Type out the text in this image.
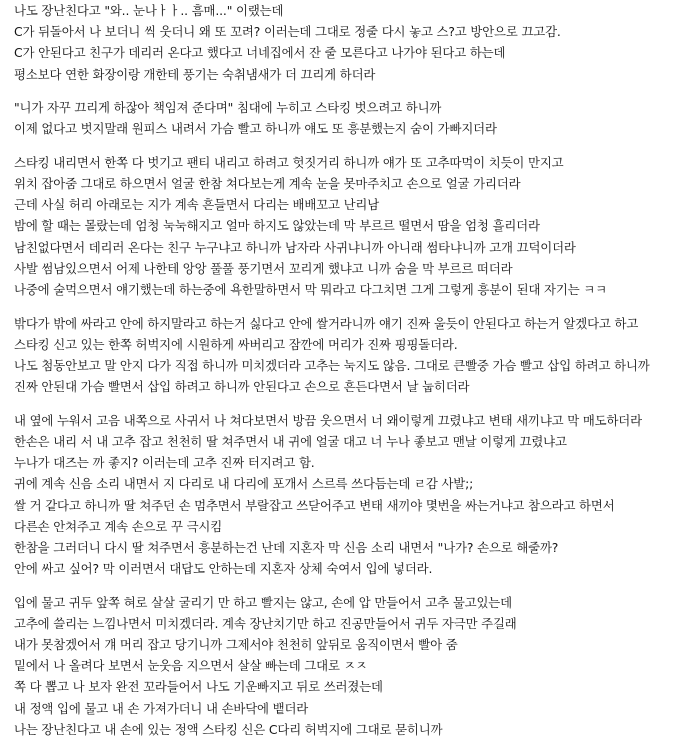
나도 장난친다고 "와.. 눈나ㅏㅏ.. 흠매..." 이랬는데
C가 뒤돌아서 나 보더니 씩 웃더니 왜 또 꼬려? 이러는데 그대로 정줄 다시 놓고 스?고 방안으로 끄고감.
C가 안된다고 친구가 데리러 온다고 했다고 너네집에서 잔 줄 모른다고 나가야 된다고 하는데
평소보다 연한 화장이랑 개한테 풍기는 숙취냄새가 더 끄리게 하더라
"니가 자꾸 끄리게 하잖아 책임져 준다며" 침대에 누히고 스타킹 벗으려고 하니까
이제 없다고 벗지말래 원피스 내려서 가슴 빨고 하니까 얘도 또 흥분했는지 숨이 가빠지더라
스타킹 내리면서 한쪽 다 벗기고 팬티 내리고 하려고 헛짓거리 하니까 얘가 또 고추따먹이 치듯이 만지고
위치 잡아줌 그대로 하으면서 얼굴 한참 쳐다보는게 계속 눈을 못마주치고 손으로 얼굴 가리더라
근데 사실 허리 아래로는 지가 계속 흔들면서 다리는 배배꼬고 난리남
밤에 할 때는 몰랐는데 엄청 눅눅해지고 얼마 하지도 않았는데 막 부르르 떨면서 땀을 엄청 흘리더라
남친없다면서 데리러 온다는 친구 누구냐고 하니까 남자라 사귀냐니까 아니래 썸타냐니까 고개 끄덕이더라
사발 썸남있으면서 어제 나한테 앙앙 풀풀 풍기면서 꼬리게 했냐고 니까 숨을 막 부르르 떠더라
나중에 술먹으면서 얘기했는데 하는중에 욕한말하면서 막 뭐라고 다그치면 그게 그렇게 흥분이 된대 자기는 ㅋㅋ
밖다가 밖에 싸라고 안에 하지말라고 하는거 싫다고 안에 쌀거라니까 얘기 진짜 울듯이 안된다고 하는거 알겠다고 하고
스타킹 신고 있는 한쪽 허벅지에 시원하게 싸버리고 잠깐에 머리가 진짜 핑핑돌더라.
나도 첨동안보고 말 안지 다가 직접 하니까 미치겠더라 고추는 눅지도 않음. 그대로 큰빨중 가슴 빨고 삽입 하려고 하니까
진짜 안된대 가슴 빨면서 삽입 하려고 하니까 안된다고 손으로 흔든다면서 날 눕히더라
내 옆에 누워서 고음 내쪽으로 사귀서 나 쳐다보면서 방끔 웃으면서 너 왜이렇게 끄렸냐고 변태 새끼냐고 막 매도하더라
한손은 내리 서 내 고추 잡고 천천히 딸 쳐주면서 내 귀에 얼굴 대고 너 누나 좋보고 맨날 이렇게 끄렸냐고
누나가 대즈는 까 좋지? 이러는데 고추 진짜 터지려고 함.
귀에 계속 신음 소리 내면서 지 다리로 내 다리에 포개서 스르륵 쓰다듬는데 ㄹ감 사발;;
쌀 거 같다고 하니까 딸 쳐주던 손 멈추면서 부랄잡고 쓰닫어주고 변태 새끼야 몇번을 싸는거냐고 참으라고 하면서
다른손 안쳐주고 계속 손으로 꾸 극시킴
한참을 그러더니 다시 딸 쳐주면서 흥분하는건 난데 지혼자 막 신음 소리 내면서 "나가? 손으로 해줄까?
안에 싸고 싶어? 막 이러면서 대답도 안하는데 지혼자 상체 숙여서 입에 넣더라.
입에 물고 귀두 앞쪽 혀로 살살 굴리기 만 하고 빨지는 않고, 손에 압 만들어서 고추 물고있는데
고추에 쓸리는 느낌나면서 미치겠더라. 계속 장난치기만 하고 진공만들어서 귀두 자극만 주길래
내가 못참겠어서 걔 머리 잡고 당기니까 그제서야 천천히 앞뒤로 움직이면서 빨아 줌
밑에서 나 올려다 보면서 눈웃음 지으면서 살살 빠는데 그대로 ㅈㅈ
쪽 다 뽑고 나 보자 완전 꼬라들어서 나도 기운빠지고 뒤로 쓰러졌는데
내 정액 입에 물고 내 손 가져가더니 내 손바닥에 뱉더라
나는 장난친다고 내 손에 있는 정액 스타킹 신은 C다리 허벅지에 그대로 묻히니까
